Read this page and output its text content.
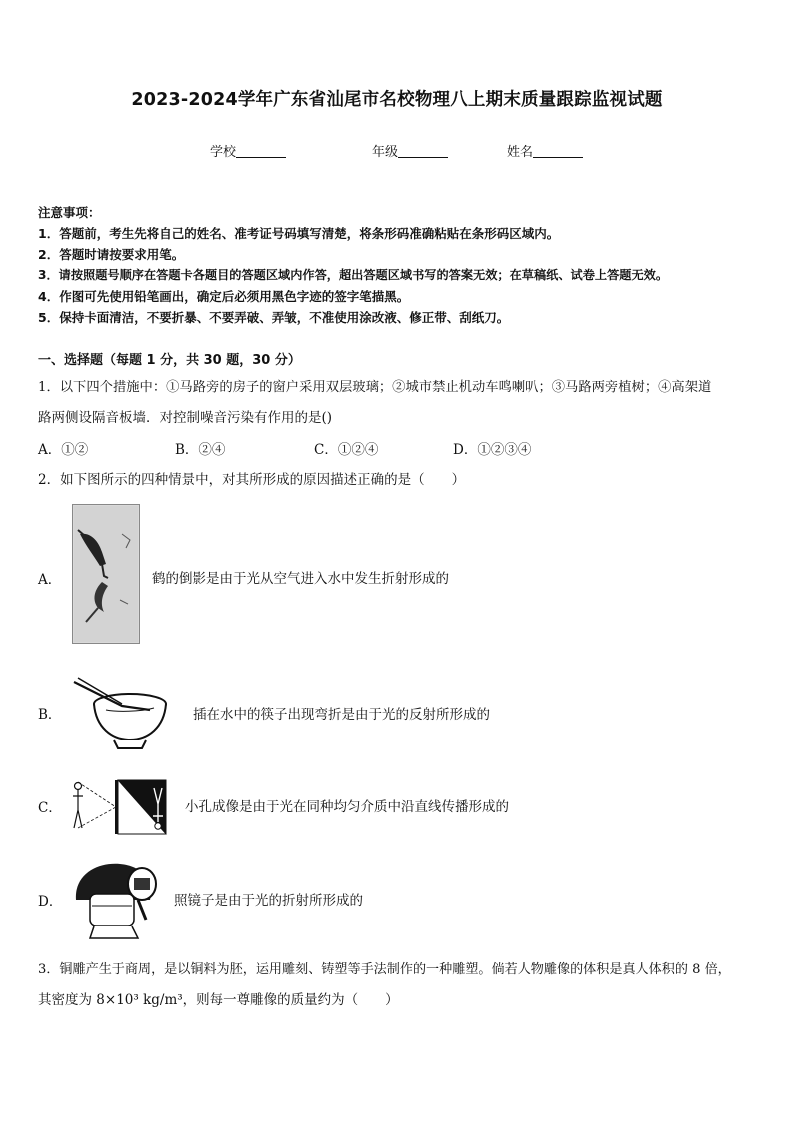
2023-2024学年广东省汕尾市名校物理八上期末质量跟踪监视试题
学校	年级	姓名
注意事项：
1．答题前，考生先将自己的姓名、准考证号码填写清楚，将条形码准确粘贴在条形码区域内。
2．答题时请按要求用笔。
3．请按照题号顺序在答题卡各题目的答题区域内作答，超出答题区域书写的答案无效；在草稿纸、试卷上答题无效。
4．作图可先使用铅笔画出，确定后必须用黑色字迹的签字笔描黑。
5．保持卡面清洁，不要折暴、不要弄破、弄皱，不准使用涂改液、修正带、刮纸刀。
一、选择题（每题 1 分，共 30 题，30 分）
1．以下四个措施中：①马路旁的房子的窗户采用双层玻璃；②城市禁止机动车鸣喇叭；③马路两旁植树；④高架道
路两侧设隔音板墙．对控制噪音污染有作用的是()
A．①②	B．②④	C．①②④	D．①②③④
2．如下图所示的四种情景中，对其所形成的原因描述正确的是（　　）
A．	鹤的倒影是由于光从空气进入水中发生折射形成的
B．	插在水中的筷子出现弯折是由于光的反射所形成的
C．	小孔成像是由于光在同种均匀介质中沿直线传播形成的
D．	照镜子是由于光的折射所形成的
3．铜雕产生于商周，是以铜料为胚，运用雕刻、铸塑等手法制作的一种雕塑。倘若人物雕像的体积是真人体积的 8 倍，
其密度为 8×10³ kg/m³，则每一尊雕像的质量约为（　　）
